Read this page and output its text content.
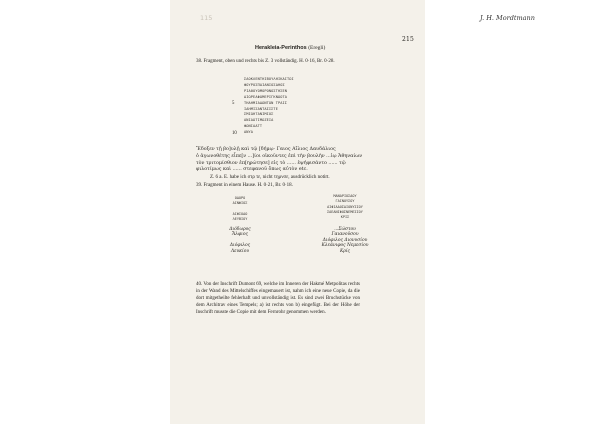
115	J. H. Mordtmann
215
Herakleia-Perinthos (Eregli)
38. Fragment, oben und rechts bis Z. 3 vollständig. H. 0·16, Br. 0·28.
ΣΑΟΚΛΕΝΤΗΙΒΟΥΛΗΙΚΑΙΤΩΙ
ΦΟΥΡΟΣΠΑΙΑΝΙΟΣΔΗΟΣ
ΡΙΑΘΟΥΟΜΟΡΟΝΟΣΤΗΣΕΝ
ΔΙΩΡΕΑΦΩΜΕΡΙΓΚΝΩΟΤΑ
ΤΗΑΗΜΙΑΔΩΝΤΩΝ ΤΡΑΙΣ
ΙΔΗΜΙΣΑΝΤΑΣΙΣΤΕ
ΣΜΙΩΗΤΑΝΙΜΙΟΣ
ΑΝΙΑΩΤΙΜΩΖΕΙΑ
ΦΩΝΙΑΔΤΤ
ΑΝΥΑ
5
10
Ἔδοξεν τῇ βο]υλῇ καὶ τῷ [δήμῳ· Γαιος Αἴλιος Δαυδάλιος
ὁ ἀγωνοθέτης εἶπε[ν ...]ίοι οἰκοῦντες ἐπὶ τὴν βουλὴν ...ἰῳ Ἀθηναίων
τὸν τριτομίσθιον ἐπ[ηρώτησε] εἰς τὸ ...... ἐψήφισάντο ...... τῷ
φιλοτίμως καὶ ...... στεφανοῦ ὅπως αὐτὸν etc.
Z. 6 a. E. habe ich στρ τε, nicht τημνσε, ausdrücklich notirt.
39. Fragment in einem Hause. H. 0·21, Br. 0·18.
ΟΔΟΡΟ
ΑΙΝΦΙΟΣ

ΑΙΦΙΟΔΟ
ΛΕΥΒΙΟΥ
ΜΑΝΑΡΙΟΣΔΟΥ
ΓΑΙΝΟΥΣΟΥ
ΑΙΦΙΑΔΟΣΔΙΟΝΥΣΙΟΥ
ΣΑΕΑΝΙΦΟΣΝΕΜΕΣΙΟΥ
ΚΡΙΣ
Διόδωρος
Ἄλφιος

Διόφιλος
Λευκίου
...Σώστου
Γαιανοῦσου
Διόφιλος Διονυσίου
Κλεάνιφος Νεμεσίου
Κρίς
40. Von der Inschrift Dumont 69, welche im Inneren der Hakmé Metpolitas rechts in der Wand des Mittelschiffes eingemauert ist, nahm ich eine neue Copie, da die dort mitgetheilte fehlerhaft und unvollständig ist. Es sind zwei Bruchstücke von dem Architrav eines Tempels; a) ist rechts von b) eingefügt. Bei der Höhe der Inschrift musste die Copie mit dem Fernrohr genommen werden.
